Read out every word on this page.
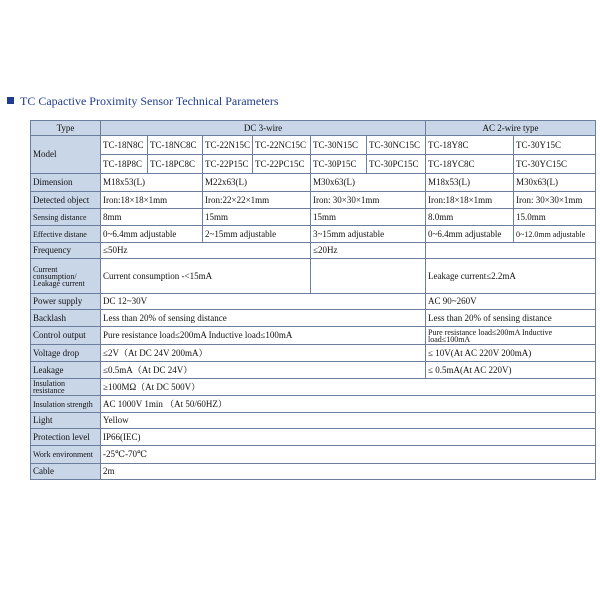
TC Capactive Proximity Sensor Technical Parameters
Type	DC 3-wire						AC 2-wire type	
Model	TC-18N8C	TC-18NC8C	TC-22N15C	TC-22NC15C	TC-30N15C	TC-30NC15C	TC-18Y8C	TC-30Y15C
	TC-18P8C	TC-18PC8C	TC-22P15C	TC-22PC15C	TC-30P15C	TC-30PC15C	TC-18YC8C	TC-30YC15C
Dimension	M18x53(L)		M22x63(L)		M30x63(L)		M18x53(L)	M30x63(L)
Detected object	Iron:18×18×1mm		Iron:22×22×1mm		Iron: 30×30×1mm		Iron:18×18×1mm	Iron: 30×30×1mm
Sensing distance	8mm		15mm		15mm		8.0mm	15.0mm
Effective distane	0~6.4mm adjustable		2~15mm adjustable		3~15mm adjustable		0~6.4mm adjustable	0~12.0mm adjustable
Frequency	≤50Hz				≤20Hz			
Current consumption/ Leakage current	Current consumption -<15mA						Leakage current≤2.2mA	
Power supply	DC 12~30V						AC 90~260V	
Backlash	Less than 20% of sensing distance						Less than 20% of sensing distance	
Control output	Pure resistance load≤200mA Inductive load≤100mA						Pure resistance load≤200mA Inductive load≤100mA	
Voltage drop	≤2V（At DC 24V 200mA）						≤ 10V(At AC 220V 200mA)	
Leakage	≤0.5mA（At DC 24V）						≤ 0.5mA(At AC 220V)	
Insulation resistance	≥100MΩ（At DC 500V）							
Insulation strength	AC 1000V 1min （At 50/60HZ）							
Light	Yellow							
Protection level	IP66(IEC)							
Work environment	-25℃-70℃							
Cable	2m							
